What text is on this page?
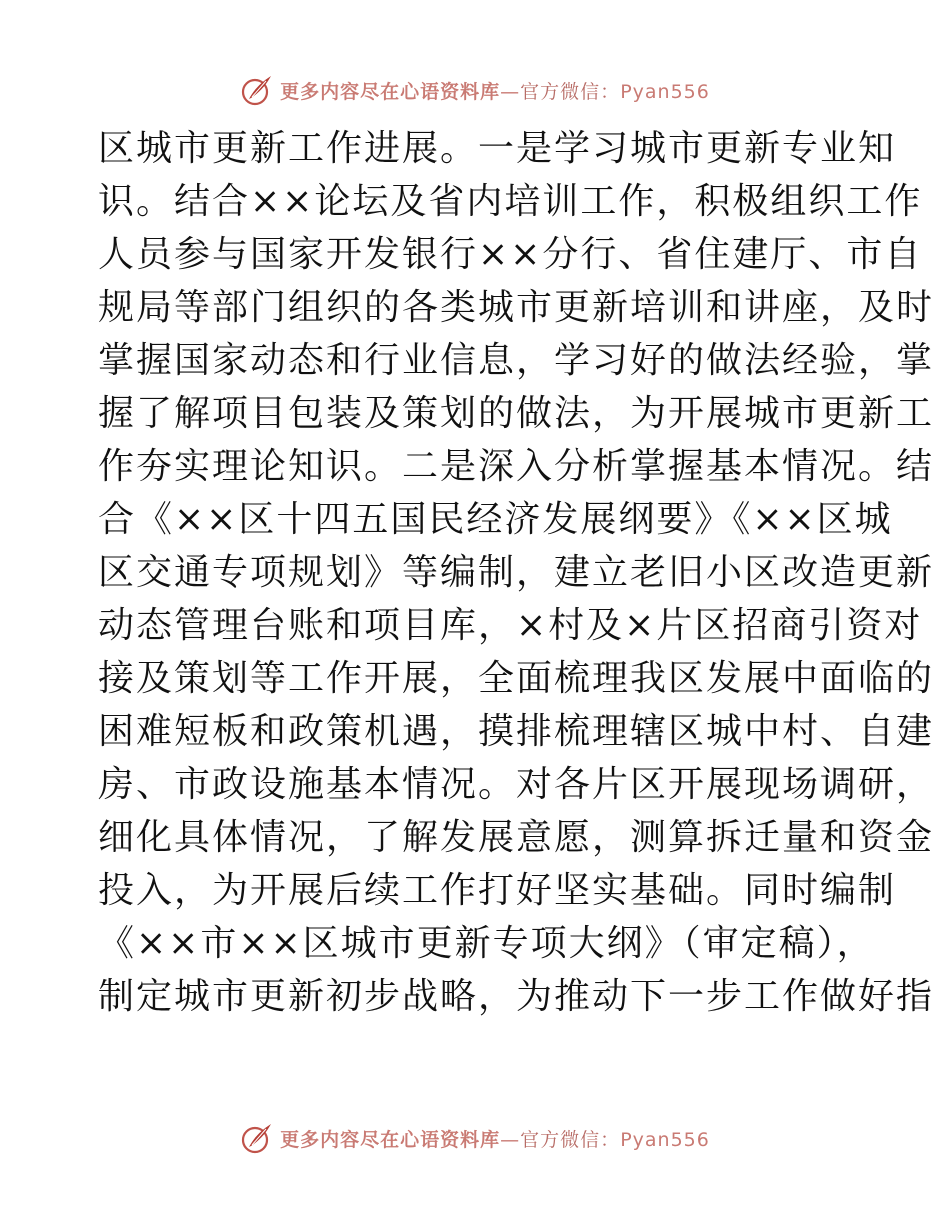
更多内容尽在心语资料库—官方微信：Pyan556
区城市更新工作进展。一是学习城市更新专业知
识。结合××论坛及省内培训工作，积极组织工作
人员参与国家开发银行××分行、省住建厅、市自
规局等部门组织的各类城市更新培训和讲座，及时
掌握国家动态和行业信息，学习好的做法经验，掌
握了解项目包装及策划的做法，为开展城市更新工
作夯实理论知识。二是深入分析掌握基本情况。结
合《××区十四五国民经济发展纲要》《××区城
区交通专项规划》等编制，建立老旧小区改造更新
动态管理台账和项目库，×村及×片区招商引资对
接及策划等工作开展，全面梳理我区发展中面临的
困难短板和政策机遇，摸排梳理辖区城中村、自建
房、市政设施基本情况。对各片区开展现场调研，
细化具体情况，了解发展意愿，测算拆迁量和资金
投入，为开展后续工作打好坚实基础。同时编制
《××市××区城市更新专项大纲》（审定稿），
制定城市更新初步战略，为推动下一步工作做好指
更多内容尽在心语资料库—官方微信：Pyan556
